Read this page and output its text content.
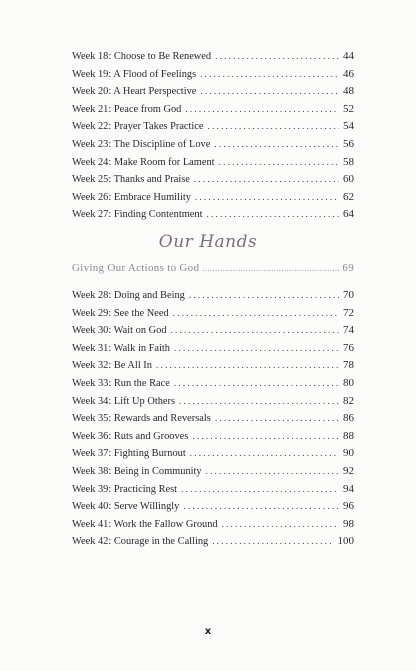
Week 18: Choose to Be Renewed . . .	44
Week 19: A Flood of Feelings . . .	46
Week 20: A Heart Perspective . . .	48
Week 21: Peace from God . . .	52
Week 22: Prayer Takes Practice . . .	54
Week 23: The Discipline of Love . . .	56
Week 24: Make Room for Lament . . .	58
Week 25: Thanks and Praise . . .	60
Week 26: Embrace Humility . . .	62
Week 27: Finding Contentment . . .	64
Our Hands
Giving Our Actions to God .....	69
Week 28: Doing and Being . . .	70
Week 29: See the Need . . .	72
Week 30: Wait on God . . .	74
Week 31: Walk in Faith . . .	76
Week 32: Be All In . . .	78
Week 33: Run the Race . . .	80
Week 34: Lift Up Others . . .	82
Week 35: Rewards and Reversals . . .	86
Week 36: Ruts and Grooves . . .	88
Week 37: Fighting Burnout . . .	90
Week 38: Being in Community . . .	92
Week 39: Practicing Rest . . .	94
Week 40: Serve Willingly . . .	96
Week 41: Work the Fallow Ground . . .	98
Week 42: Courage in the Calling . . .	100
x
